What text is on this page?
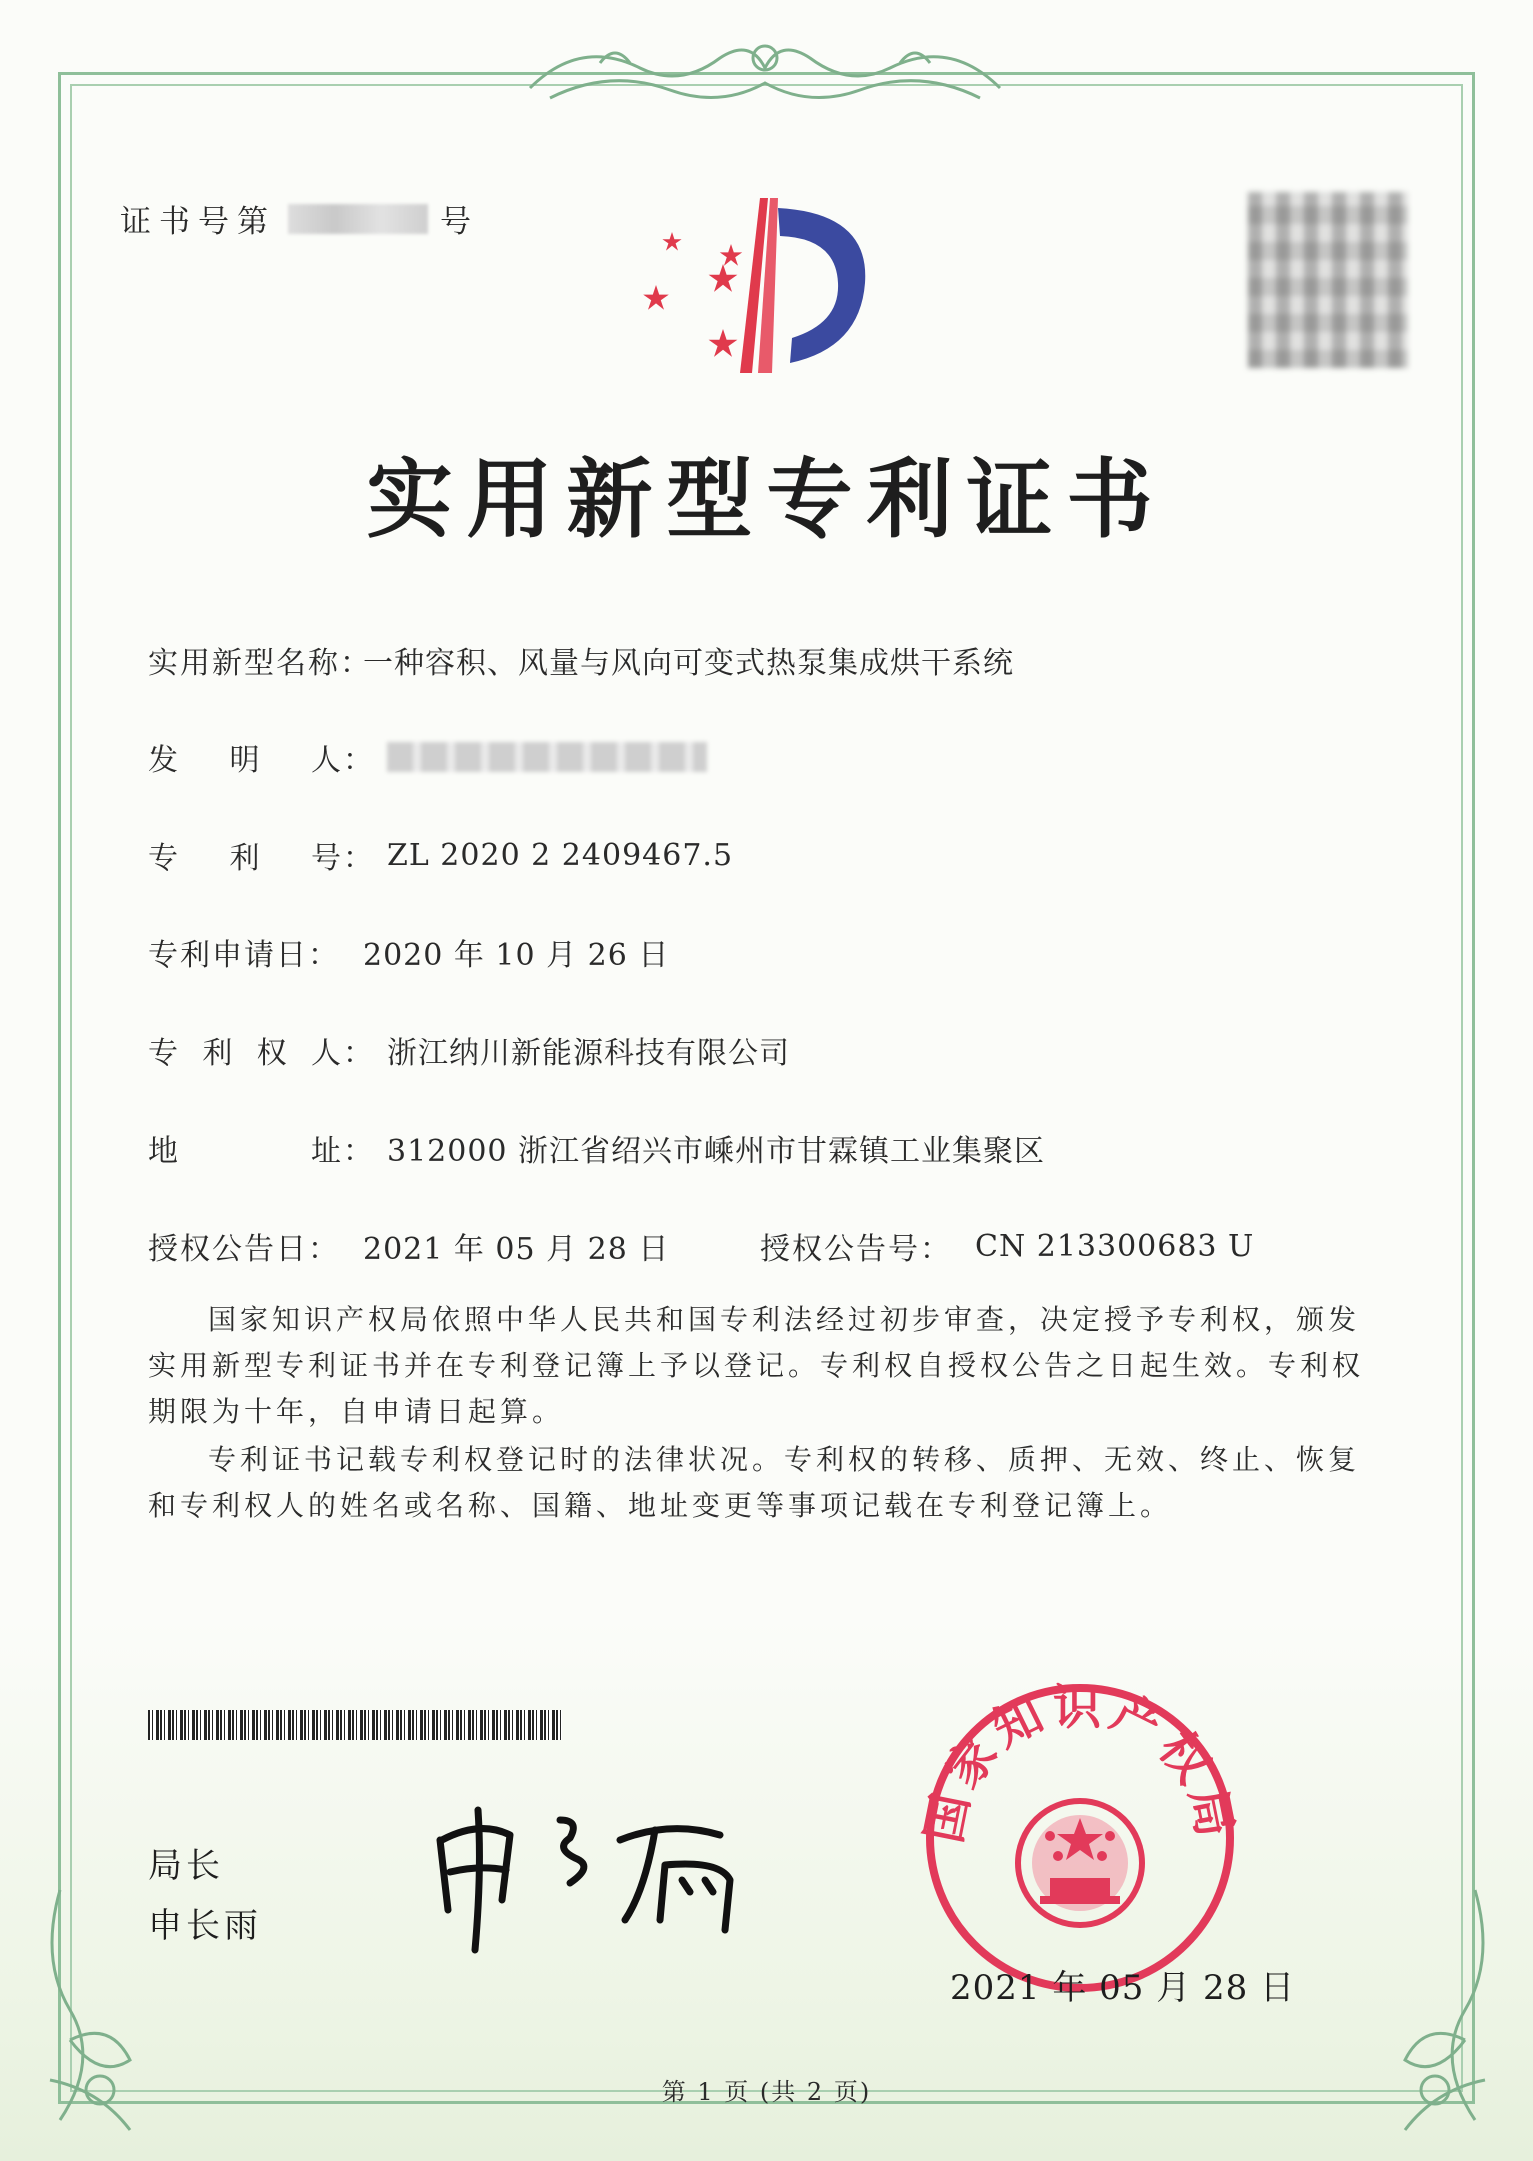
证书号第	号
实用新型专利证书
实用新型名称：
一种容积、风量与风向可变式热泵集成烘干系统
发 明 人 ：
专 利 号 ： ZL 2020 2 2409467.5
专利申请日： 2020 年 10 月 26 日
专 利 权 人 ： 浙江纳川新能源科技有限公司
地	址 ： 312000 浙江省绍兴市嵊州市甘霖镇工业集聚区
授权公告日： 2021 年 05 月 28 日	授权公告号： CN 213300683 U
国家知识产权局依照中华人民共和国专利法经过初步审查，决定授予专利权，颁发实用新型专利证书并在专利登记簿上予以登记。专利权自授权公告之日起生效。专利权期限为十年，自申请日起算。
专利证书记载专利权登记时的法律状况。专利权的转移、质押、无效、终止、恢复和专利权人的姓名或名称、国籍、地址变更等事项记载在专利登记簿上。
局长
申长雨
国家知识产权局
2021 年 05 月 28 日
第 1 页 (共 2 页)
